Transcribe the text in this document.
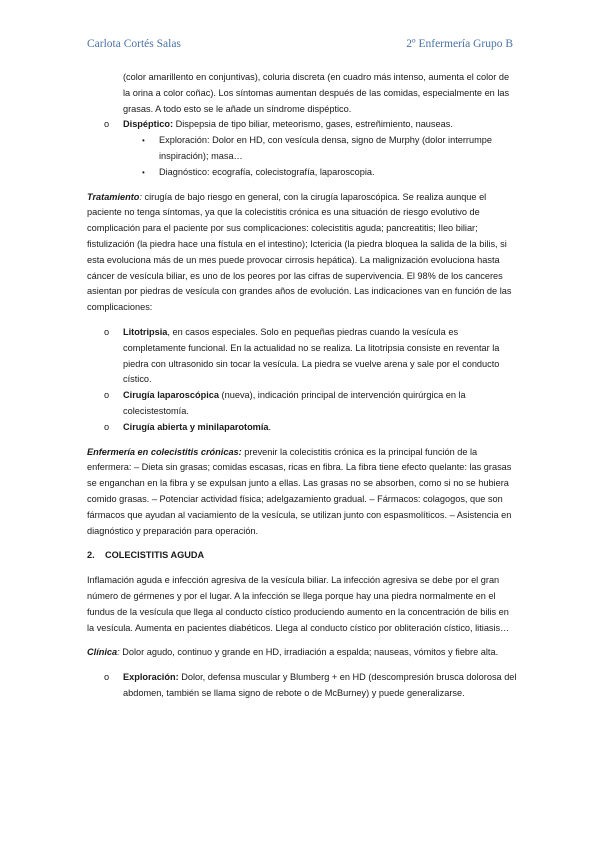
Carlota Cortés Salas	2º Enfermería Grupo B

(color amarillento en conjuntivas), coluria discreta (en cuadro más intenso, aumenta el color de la orina a color coñac). Los síntomas aumentan después de las comidas, especialmente en las grasas. A todo esto se le añade un síndrome dispéptico.

o Dispéptico: Dispepsia de tipo biliar, meteorismo, gases, estreñimiento, nauseas.
• Exploración: Dolor en HD, con vesícula densa, signo de Murphy (dolor interrumpe inspiración); masa…
• Diagnóstico: ecografía, colecistografía, laparoscopia.

Tratamiento: cirugía de bajo riesgo en general, con la cirugía laparoscópica. Se realiza aunque el paciente no tenga síntomas, ya que la colecistitis crónica es una situación de riesgo evolutivo de complicación para el paciente por sus complicaciones: colecistitis aguda; pancreatitis; Ileo biliar; fistulización (la piedra hace una fístula en el intestino); Ictericia (la piedra bloquea la salida de la bilis, si esta evoluciona más de un mes puede provocar cirrosis hepática). La malignización evoluciona hasta cáncer de vesícula biliar, es uno de los peores por las cifras de supervivencia. El 98% de los canceres asientan por piedras de vesícula con grandes años de evolución. Las indicaciones van en función de las complicaciones:

o Litotripsia, en casos especiales. Solo en pequeñas piedras cuando la vesícula es completamente funcional. En la actualidad no se realiza. La litotripsia consiste en reventar la piedra con ultrasonido sin tocar la vesícula. La piedra se vuelve arena y sale por el conducto cístico.
o Cirugía laparoscópica (nueva), indicación principal de intervención quirúrgica en la colecistestomía.
o Cirugía abierta y minilaparotomía.

Enfermería en colecistitis crónicas: prevenir la colecistitis crónica es la principal función de la enfermera: – Dieta sin grasas; comidas escasas, ricas en fibra. La fibra tiene efecto quelante: las grasas se enganchan en la fibra y se expulsan junto a ellas. Las grasas no se absorben, como si no se hubiera comido grasas. – Potenciar actividad física; adelgazamiento gradual. – Fármacos: colagogos, que son fármacos que ayudan al vaciamiento de la vesícula, se utilizan junto con espasmolíticos. – Asistencia en diagnóstico y preparación para operación.

2. COLECISTITIS AGUDA

Inflamación aguda e infección agresiva de la vesícula biliar. La infección agresiva se debe por el gran número de gérmenes y por el lugar. A la infección se llega porque hay una piedra normalmente en el fundus de la vesícula que llega al conducto cístico produciendo aumento en la concentración de bilis en la vesícula. Aumenta en pacientes diabéticos. Llega al conducto cístico por obliteración cístico, litiasis…

Clínica: Dolor agudo, continuo y grande en HD, irradiación a espalda; nauseas, vómitos y fiebre alta.

o Exploración: Dolor, defensa muscular y Blumberg + en HD (descompresión brusca dolorosa del abdomen, también se llama signo de rebote o de McBurney) y puede generalizarse.
